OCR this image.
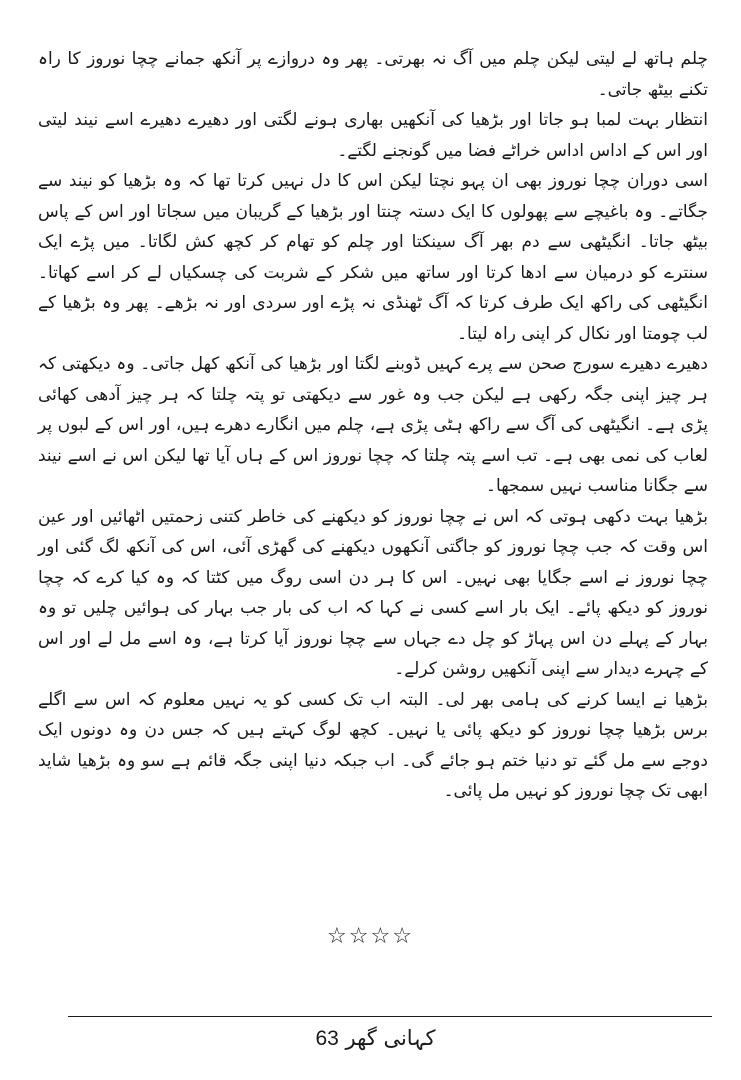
چلم ہاتھ لے لیتی لیکن چلم میں آگ نہ بھرتی۔ پھر وہ دروازے پر آنکھ جمانے چچا نوروز کا راہ تکنے بیٹھ جاتی۔

انتظار بہت لمبا ہو جاتا اور بڑھیا کی آنکھیں بھاری ہونے لگتی اور دھیرے دھیرے اسے نیند لیتی اور اس کے اداس اداس خراٹے فضا میں گونجنے لگتے۔

اسی دوران چچا نوروز بھی ان پہو نچتا لیکن اس کا دل نہیں کرتا تھا کہ وہ بڑھیا کو نیند سے جگاتے۔ وہ باغیچے سے پھولوں کا ایک دستہ چنتا اور بڑھیا کے گریبان میں سجاتا اور اس کے پاس بیٹھ جاتا۔ انگیٹھی سے دم بھر آگ سینکتا اور چلم کو تھام کر کچھ کش لگاتا۔ میں پڑے ایک سنترے کو درمیان سے ادھا کرتا اور ساتھ میں شکر کے شربت کی چسکیاں لے کر اسے کھاتا۔ انگیٹھی کی راکھ ایک طرف کرتا کہ آگ ٹھنڈی نہ پڑے اور سردی اور نہ بڑھے۔ پھر وہ بڑھیا کے لب چومتا اور نکال کر اپنی راہ لیتا۔

دھیرے دھیرے سورج صحن سے پرے کہیں ڈوبنے لگتا اور بڑھیا کی آنکھ کھل جاتی۔ وہ دیکھتی کہ ہر چیز اپنی جگہ رکھی ہے لیکن جب وہ غور سے دیکھتی تو پتہ چلتا کہ ہر چیز آدھی کھائی پڑی ہے۔ انگیٹھی کی آگ سے راکھ ہٹی پڑی ہے، چلم میں انگارے دھرے ہیں، اور اس کے لبوں پر لعاب کی نمی بھی ہے۔ تب اسے پتہ چلتا کہ چچا نوروز اس کے ہاں آیا تھا لیکن اس نے اسے نیند سے جگانا مناسب نہیں سمجھا۔

بڑھیا بہت دکھی ہوتی کہ اس نے چچا نوروز کو دیکھنے کی خاطر کتنی زحمتیں اٹھائیں اور عین اس وقت کہ جب چچا نوروز کو جاگتی آنکھوں دیکھنے کی گھڑی آئی، اس کی آنکھ لگ گئی اور چچا نوروز نے اسے جگایا بھی نہیں۔ اس کا ہر دن اسی روگ میں کٹتا کہ وہ کیا کرے کہ چچا نوروز کو دیکھ پائے۔ ایک بار اسے کسی نے کہا کہ اب کی بار جب بہار کی ہوائیں چلیں تو وہ بہار کے پہلے دن اس پہاڑ کو چل دے جہاں سے چچا نوروز آیا کرتا ہے، وہ اسے مل لے اور اس کے چہرے دیدار سے اپنی آنکھیں روشن کرلے۔

بڑھیا نے ایسا کرنے کی ہامی بھر لی۔ البتہ اب تک کسی کو یہ نہیں معلوم کہ اس سے اگلے برس بڑھیا چچا نوروز کو دیکھ پائی یا نہیں۔ کچھ لوگ کہتے ہیں کہ جس دن وہ دونوں ایک دوجے سے مل گئے تو دنیا ختم ہو جائے گی۔ اب جبکہ دنیا اپنی جگہ قائم ہے سو وہ بڑھیا شاید ابھی تک چچا نوروز کو نہیں مل پائی۔

☆☆☆☆
کہانی گھر 63
